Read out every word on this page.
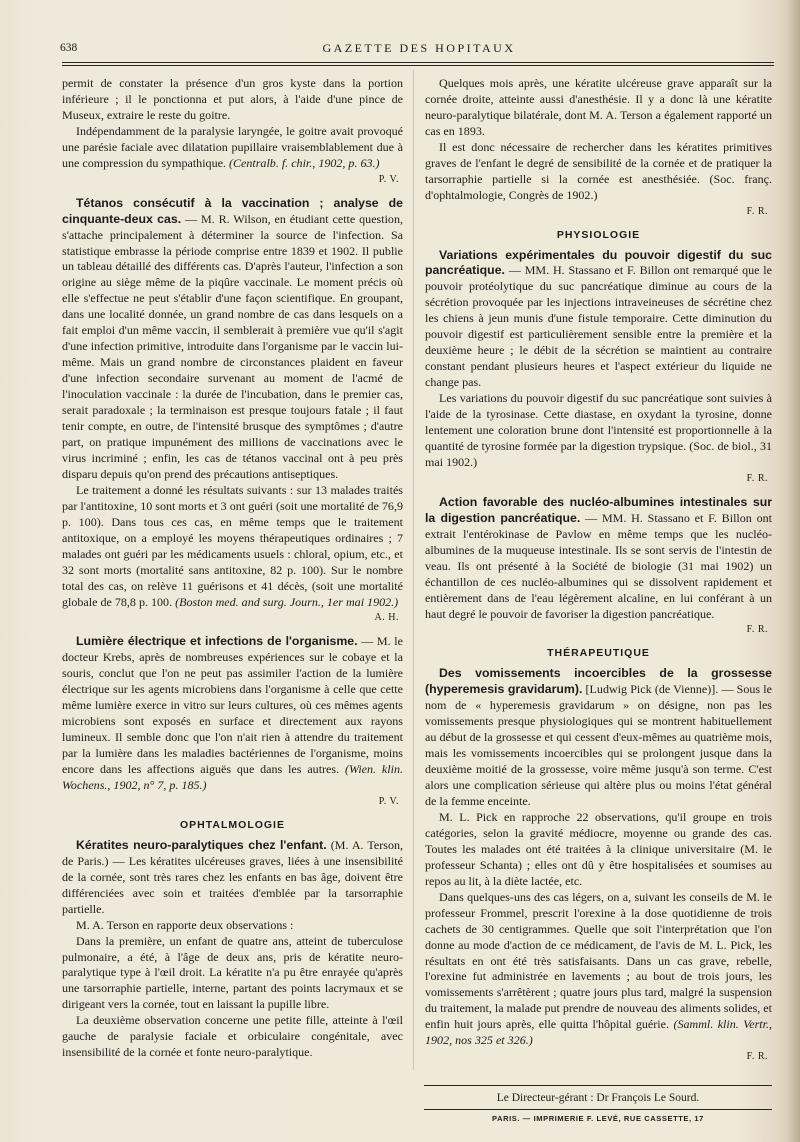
638	GAZETTE DES HOPITAUX

permit de constater la présence d'un gros kyste dans la portion inférieure ; il le ponctionna et put alors, à l'aide d'une pince de Museux, extraire le reste du goitre.

Indépendamment de la paralysie laryngée, le goitre avait provoqué une parésie faciale avec dilatation pupillaire vraisemblablement due à une compression du sympathique. (Centralb. f. chir., 1902, p. 63.)

P. V.

Tétanos consécutif à la vaccination ; analyse de cinquante-deux cas. — M. R. Wilson, en étudiant cette question, s'attache principalement à déterminer la source de l'infection. Sa statistique embrasse la période comprise entre 1839 et 1902. Il publie un tableau détaillé des différents cas. D'après l'auteur, l'infection a son origine au siège même de la piqûre vaccinale. Le moment précis où elle s'effectue ne peut s'établir d'une façon scientifique. En groupant, dans une localité donnée, un grand nombre de cas dans lesquels on a fait emploi d'un même vaccin, il semblerait à première vue qu'il s'agit d'une infection primitive, introduite dans l'organisme par le vaccin lui-même. Mais un grand nombre de circonstances plaident en faveur d'une infection secondaire survenant au moment de l'acmé de l'inoculation vaccinale : la durée de l'incubation, dans le premier cas, serait paradoxale ; la terminaison est presque toujours fatale ; il faut tenir compte, en outre, de l'intensité brusque des symptômes ; d'autre part, on pratique impunément des millions de vaccinations avec le virus incriminé ; enfin, les cas de tétanos vaccinal ont à peu près disparu depuis qu'on prend des précautions antiseptiques.

Le traitement a donné les résultats suivants : sur 13 malades traités par l'antitoxine, 10 sont morts et 3 ont guéri (soit une mortalité de 76,9 p. 100). Dans tous ces cas, en même temps que le traitement antitoxique, on a employé les moyens thérapeutiques ordinaires ; 7 malades ont guéri par les médicaments usuels : chloral, opium, etc., et 32 sont morts (mortalité sans antitoxine, 82 p. 100). Sur le nombre total des cas, on relève 11 guérisons et 41 décès, (soit une mortalité globale de 78,8 p. 100. (Boston med. and surg. Journ., 1er mai 1902.)

A. H.

Lumière électrique et infections de l'organisme. — M. le docteur Krebs, après de nombreuses expériences sur le cobaye et la souris, conclut que l'on ne peut pas assimiler l'action de la lumière électrique sur les agents microbiens dans l'organisme à celle que cette même lumière exerce in vitro sur leurs cultures, où ces mêmes agents microbiens sont exposés en surface et directement aux rayons lumineux. Il semble donc que l'on n'ait rien à attendre du traitement par la lumière dans les maladies bactériennes de l'organisme, moins encore dans les affections aiguës que dans les autres. (Wien. klin. Wochens., 1902, n° 7, p. 185.)

P. V.
OPHTALMOLOGIE

Kératites neuro-paralytiques chez l'enfant. (M. A. Terson, de Paris.) — Les kératites ulcéreuses graves, liées à une insensibilité de la cornée, sont très rares chez les enfants en bas âge, doivent être différenciées avec soin et traitées d'emblée par la tarsorraphie partielle.

M. A. Terson en rapporte deux observations :

Dans la première, un enfant de quatre ans, atteint de tuberculose pulmonaire, a été, à l'âge de deux ans, pris de kératite neuro-paralytique type à l'œil droit. La kératite n'a pu être enrayée qu'après une tarsorraphie partielle, interne, partant des points lacrymaux et se dirigeant vers la cornée, tout en laissant la pupille libre.

La deuxième observation concerne une petite fille, atteinte à l'œil gauche de paralysie faciale et orbiculaire congénitale, avec insensibilité de la cornée et fonte neuro-paralytique.

Quelques mois après, une kératite ulcéreuse grave apparaît sur la cornée droite, atteinte aussi d'anesthésie. Il y a donc là une kératite neuro-paralytique bilatérale, dont M. A. Terson a également rapporté un cas en 1893.

Il est donc nécessaire de rechercher dans les kératites primitives graves de l'enfant le degré de sensibilité de la cornée et de pratiquer la tarsorraphie partielle si la cornée est anesthésiée. (Soc. franç. d'ophtalmologie, Congrès de 1902.)

F. R.
PHYSIOLOGIE

Variations expérimentales du pouvoir digestif du suc pancréatique. — MM. H. Stassano et F. Billon ont remarqué que le pouvoir protéolytique du suc pancréatique diminue au cours de la sécrétion provoquée par les injections intraveineuses de sécrétine chez les chiens à jeun munis d'une fistule temporaire. Cette diminution du pouvoir digestif est particulièrement sensible entre la première et la deuxième heure ; le débit de la sécrétion se maintient au contraire constant pendant plusieurs heures et l'aspect extérieur du liquide ne change pas.

Les variations du pouvoir digestif du suc pancréatique sont suivies à l'aide de la tyrosinase. Cette diastase, en oxydant la tyrosine, donne lentement une coloration brune dont l'intensité est proportionnelle à la quantité de tyrosine formée par la digestion trypsique. (Soc. de biol., 31 mai 1902.)

F. R.

Action favorable des nucléo-albumines intestinales sur la digestion pancréatique. — MM. H. Stassano et F. Billon ont extrait l'entérokinase de Pavlow en même temps que les nucléo-albumines de la muqueuse intestinale. Ils se sont servis de l'intestin de veau. Ils ont présenté à la Société de biologie (31 mai 1902) un échantillon de ces nucléo-albumines qui se dissolvent rapidement et entièrement dans de l'eau légèrement alcaline, en lui conférant à un haut degré le pouvoir de favoriser la digestion pancréatique.

F. R.
THÉRAPEUTIQUE

Des vomissements incoercibles de la grossesse (hyperemesis gravidarum). [Ludwig Pick (de Vienne)]. — Sous le nom de « hyperemesis gravidarum » on désigne, non pas les vomissements presque physiologiques qui se montrent habituellement au début de la grossesse et qui cessent d'eux-mêmes au quatrième mois, mais les vomissements incoercibles qui se prolongent jusque dans la deuxième moitié de la grossesse, voire même jusqu'à son terme. C'est alors une complication sérieuse qui altère plus ou moins l'état général de la femme enceinte.

M. L. Pick en rapproche 22 observations, qu'il groupe en trois catégories, selon la gravité médiocre, moyenne ou grande des cas. Toutes les malades ont été traitées à la clinique universitaire (M. le professeur Schanta) ; elles ont dû y être hospitalisées et soumises au repos au lit, à la diète lactée, etc.

Dans quelques-uns des cas légers, on a, suivant les conseils de M. le professeur Frommel, prescrit l'orexine à la dose quotidienne de trois cachets de 30 centigrammes. Quelle que soit l'interprétation que l'on donne au mode d'action de ce médicament, de l'avis de M. L. Pick, les résultats en ont été très satisfaisants. Dans un cas grave, rebelle, l'orexine fut administrée en lavements ; au bout de trois jours, les vomissements s'arrêtèrent ; quatre jours plus tard, malgré la suspension du traitement, la malade put prendre de nouveau des aliments solides, et enfin huit jours après, elle quitta l'hôpital guérie. (Samml. klin. Vertr., 1902, nos 325 et 326.)

F. R.
Le Directeur-gérant : Dr François Le Sourd.
PARIS. — IMPRIMERIE F. LEVÉ, RUE CASSETTE, 17
